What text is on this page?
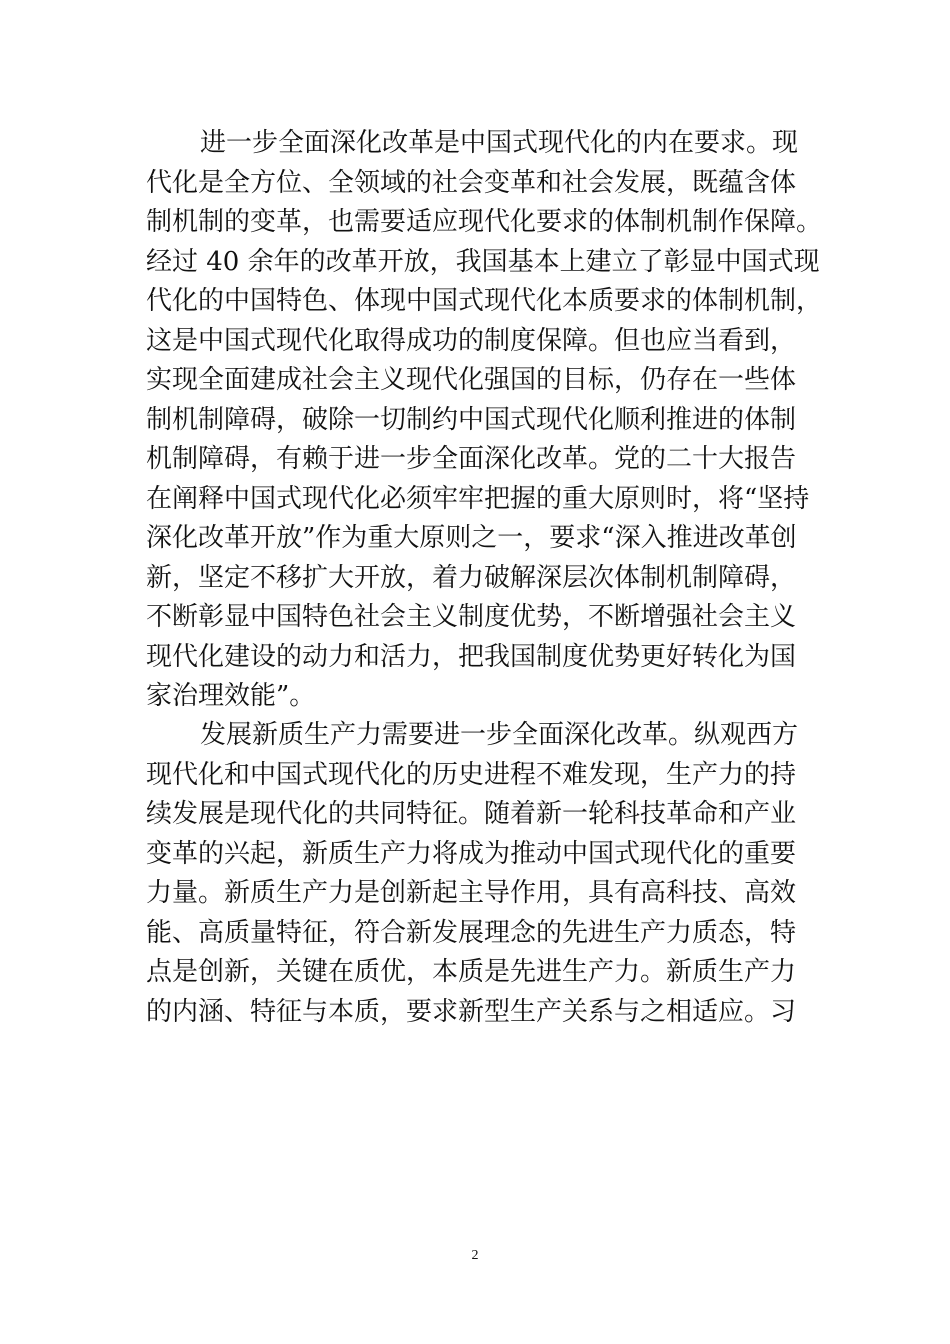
进一步全面深化改革是中国式现代化的内在要求。现
代化是全方位、全领域的社会变革和社会发展，既蕴含体
制机制的变革，也需要适应现代化要求的体制机制作保障。
经过 40 余年的改革开放，我国基本上建立了彰显中国式现
代化的中国特色、体现中国式现代化本质要求的体制机制，
这是中国式现代化取得成功的制度保障。但也应当看到，
实现全面建成社会主义现代化强国的目标，仍存在一些体
制机制障碍，破除一切制约中国式现代化顺利推进的体制
机制障碍，有赖于进一步全面深化改革。党的二十大报告
在阐释中国式现代化必须牢牢把握的重大原则时，将“坚持
深化改革开放”作为重大原则之一，要求“深入推进改革创
新，坚定不移扩大开放，着力破解深层次体制机制障碍，
不断彰显中国特色社会主义制度优势，不断增强社会主义
现代化建设的动力和活力，把我国制度优势更好转化为国
家治理效能”。
发展新质生产力需要进一步全面深化改革。纵观西方
现代化和中国式现代化的历史进程不难发现，生产力的持
续发展是现代化的共同特征。随着新一轮科技革命和产业
变革的兴起，新质生产力将成为推动中国式现代化的重要
力量。新质生产力是创新起主导作用，具有高科技、高效
能、高质量特征，符合新发展理念的先进生产力质态，特
点是创新，关键在质优，本质是先进生产力。新质生产力
的内涵、特征与本质，要求新型生产关系与之相适应。习
2
